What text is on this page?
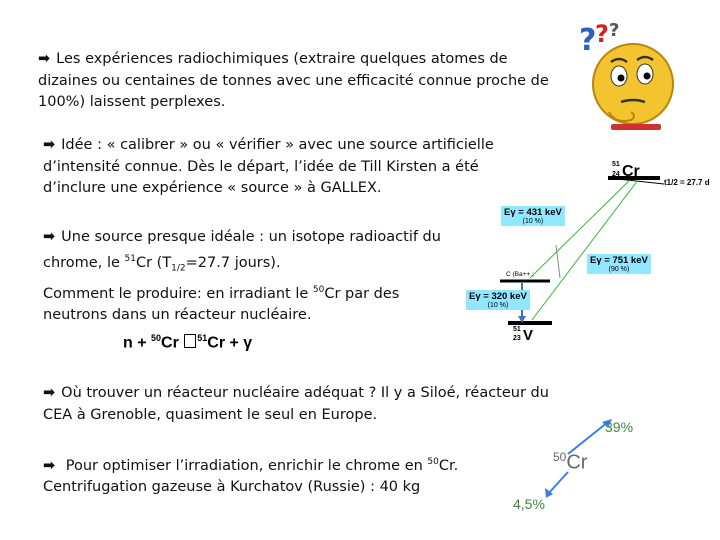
➡ Les expériences radiochimiques (extraire quelques atomes de dizaines ou centaines de tonnes avec une efficacité connue proche de 100%) laissent perplexes.
➡ Idée : « calibrer » ou « vérifier » avec une source artificielle d’intensité connue. Dès le départ, l’idée de Till Kirsten a été d’inclure une expérience « source » à GALLEX.
➡ Une source presque idéale : un isotope radioactif du chrome, le $^{51}$Cr ($T_{1/2}=27.7$ jours).
Comment le produire: en irradiant le $^{50}$Cr par des neutrons dans un réacteur nucléaire.
n + $^{50}$Cr $^{51}$Cr + γ
➡ Où trouver un réacteur nucléaire adéquat ? Il y a Siloé, réacteur du CEA à Grenoble, quasiment le seul en Europe.
➡ Pour optimiser l’irradiation, enrichir le chrome en $^{50}$Cr.
Centrifugation gazeuse à Kurchatov (Russie) : 40 kg
?
? ?
51
24 Cr
t1/2 = 27.7 d
Eγ = 431 keV
(10 %)
Eγ = 751 keV
(90 %)
Eγ = 320 keV
(10 %)
C (Ba++ ;
51
23 V
39%
$^{50}$Cr
4,5%
